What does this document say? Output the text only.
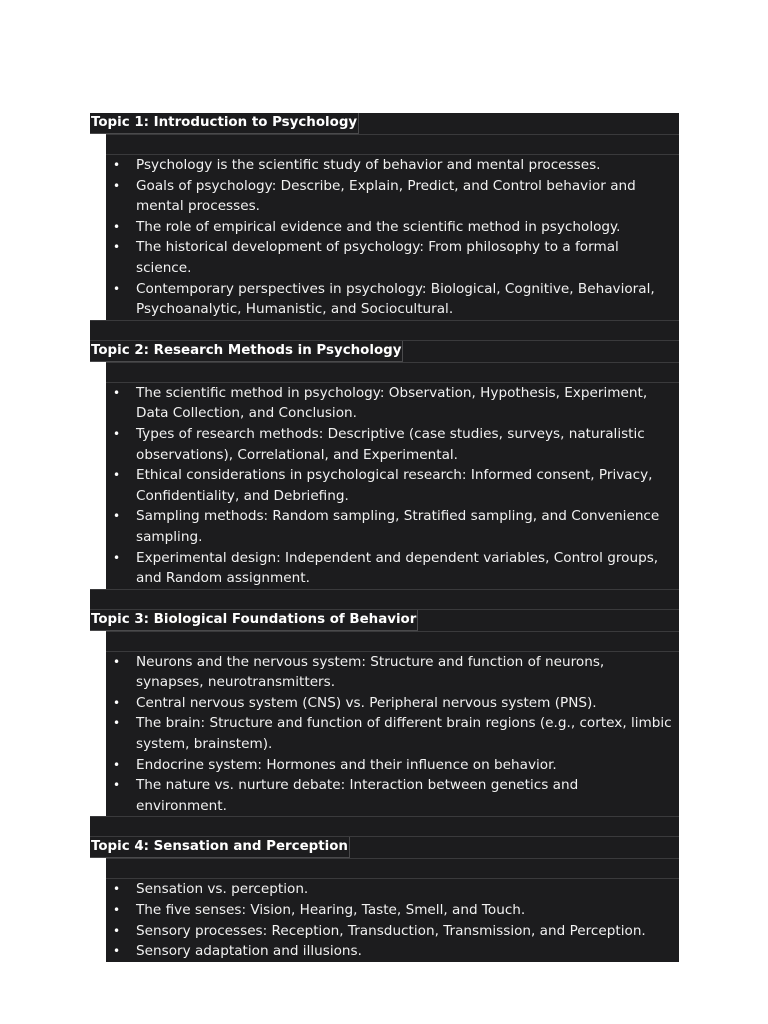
Topic 1: Introduction to Psychology
• Psychology is the scientific study of behavior and mental processes.
• Goals of psychology: Describe, Explain, Predict, and Control behavior and mental processes.
• The role of empirical evidence and the scientific method in psychology.
• The historical development of psychology: From philosophy to a formal science.
• Contemporary perspectives in psychology: Biological, Cognitive, Behavioral, Psychoanalytic, Humanistic, and Sociocultural.
Topic 2: Research Methods in Psychology
• The scientific method in psychology: Observation, Hypothesis, Experiment, Data Collection, and Conclusion.
• Types of research methods: Descriptive (case studies, surveys, naturalistic observations), Correlational, and Experimental.
• Ethical considerations in psychological research: Informed consent, Privacy, Confidentiality, and Debriefing.
• Sampling methods: Random sampling, Stratified sampling, and Convenience sampling.
• Experimental design: Independent and dependent variables, Control groups, and Random assignment.
Topic 3: Biological Foundations of Behavior
• Neurons and the nervous system: Structure and function of neurons, synapses, neurotransmitters.
• Central nervous system (CNS) vs. Peripheral nervous system (PNS).
• The brain: Structure and function of different brain regions (e.g., cortex, limbic system, brainstem).
• Endocrine system: Hormones and their influence on behavior.
• The nature vs. nurture debate: Interaction between genetics and environment.
Topic 4: Sensation and Perception
• Sensation vs. perception.
• The five senses: Vision, Hearing, Taste, Smell, and Touch.
• Sensory processes: Reception, Transduction, Transmission, and Perception.
• Sensory adaptation and illusions.
